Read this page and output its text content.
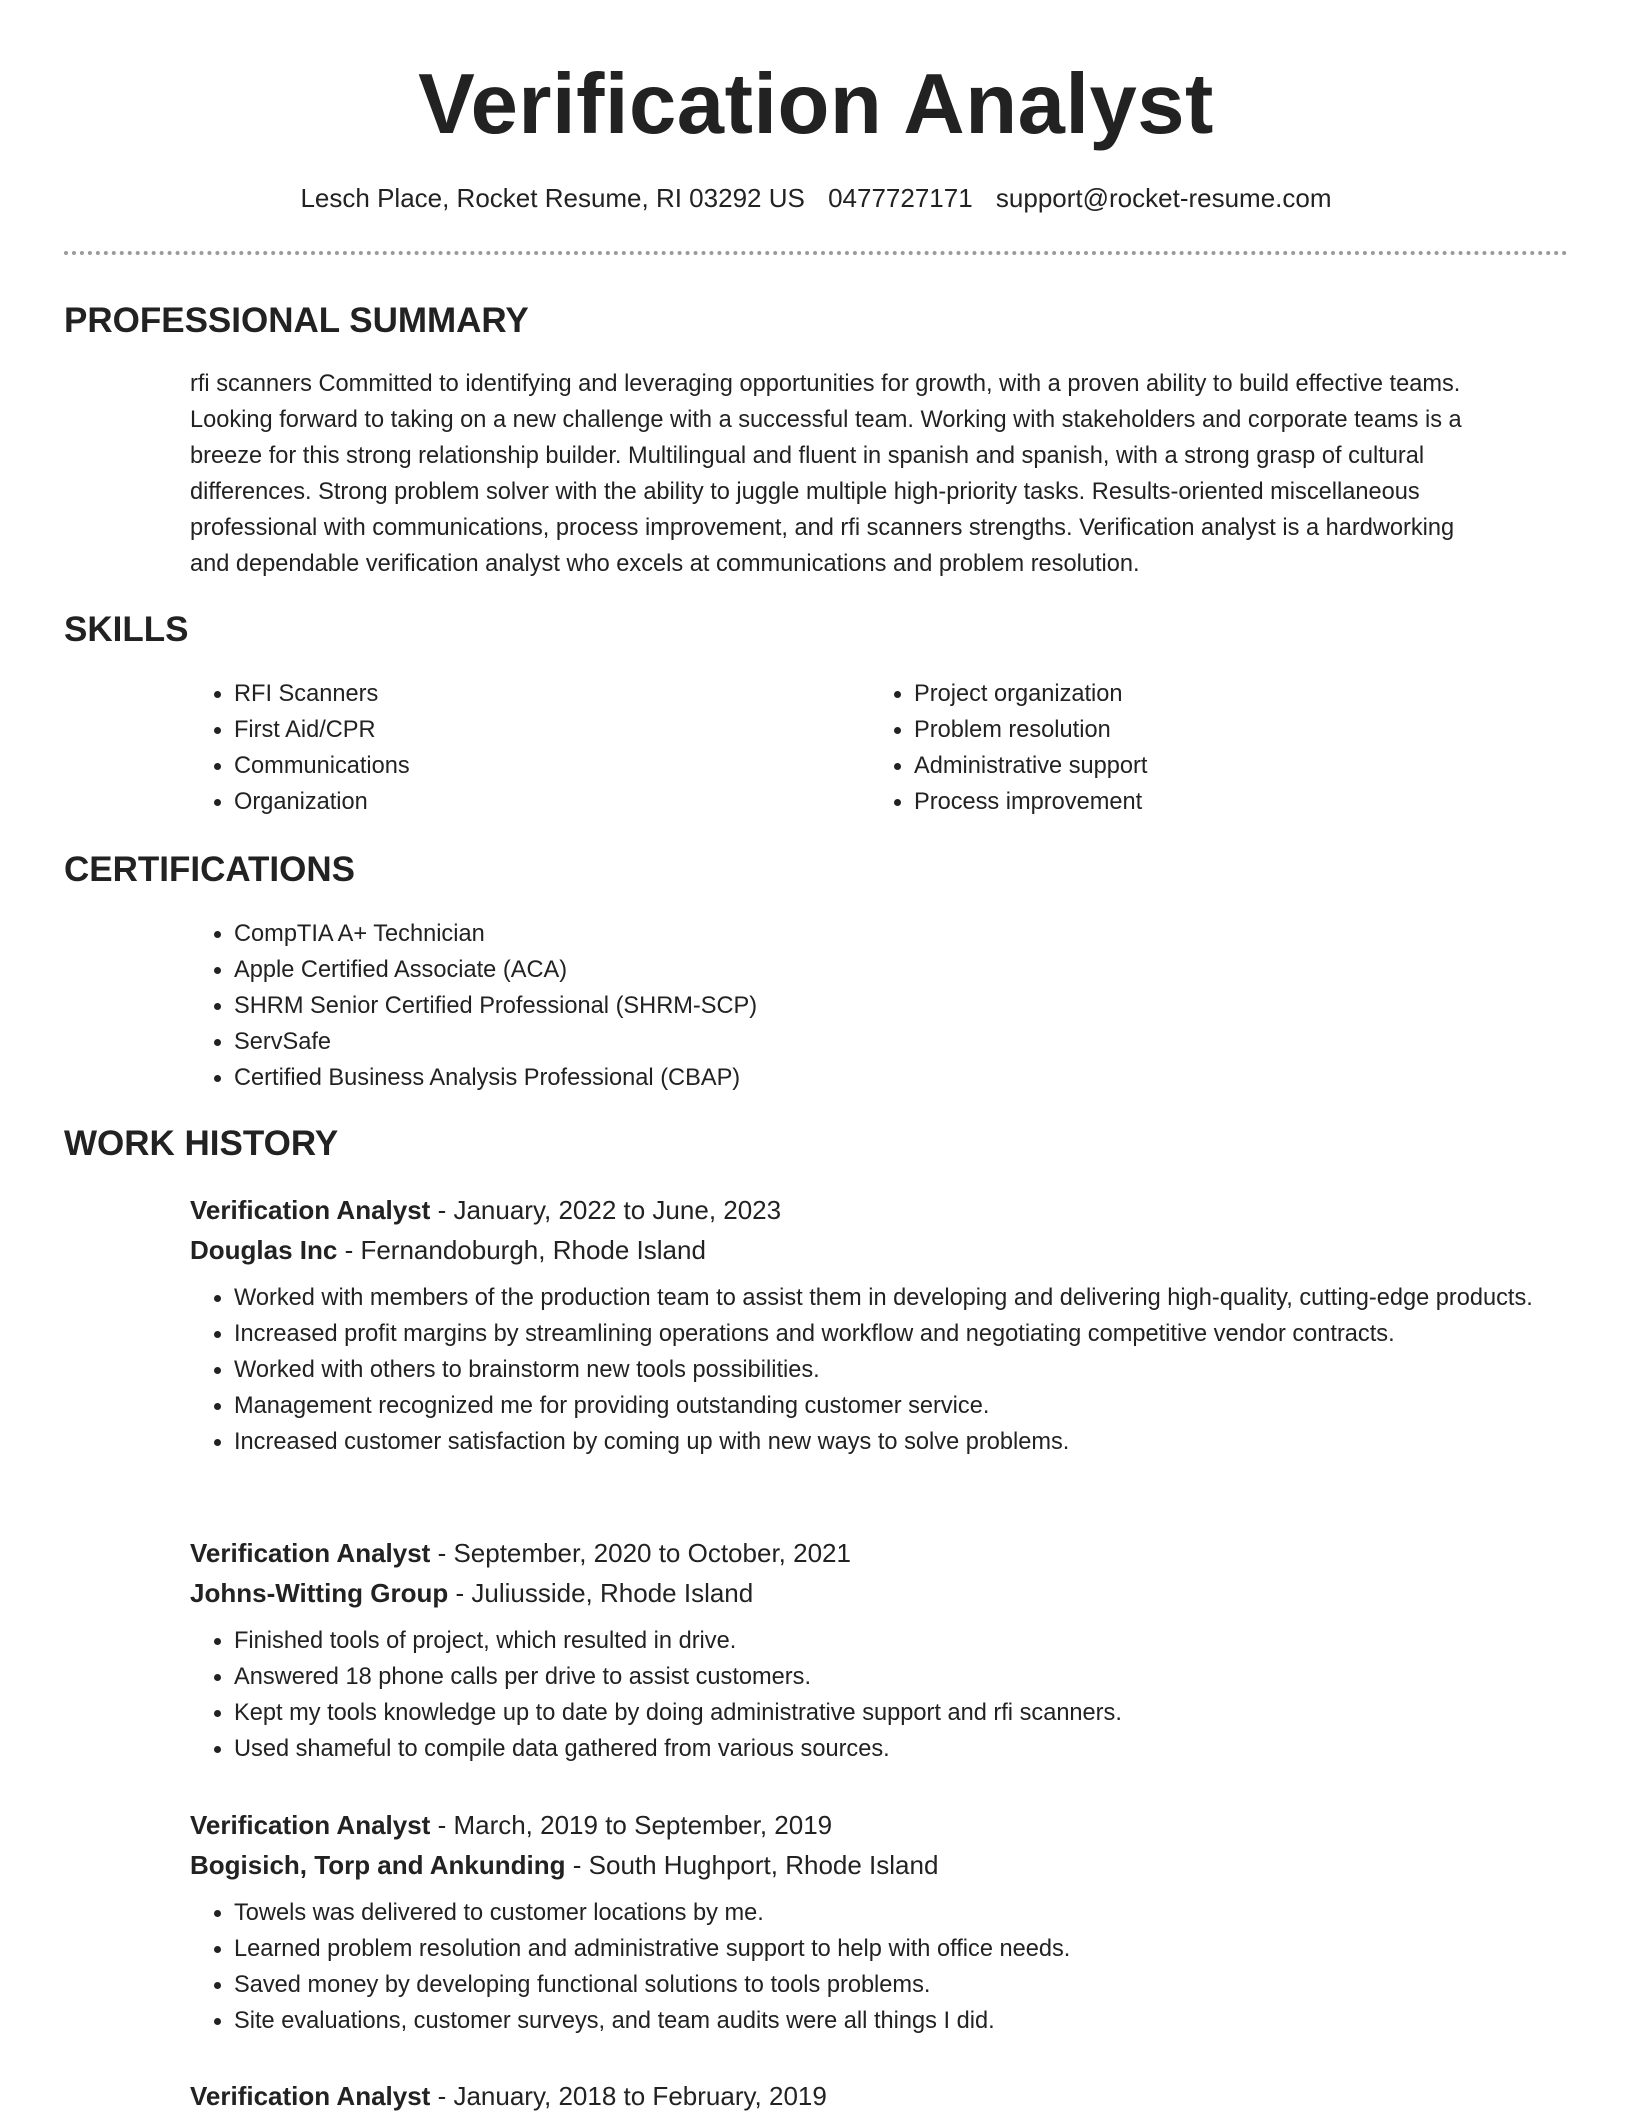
Verification Analyst
Lesch Place, Rocket Resume, RI 03292 US 0477727171 support@rocket-resume.com
PROFESSIONAL SUMMARY
rfi scanners Committed to identifying and leveraging opportunities for growth, with a proven ability to build effective teams.
Looking forward to taking on a new challenge with a successful team. Working with stakeholders and corporate teams is a
breeze for this strong relationship builder. Multilingual and fluent in spanish and spanish, with a strong grasp of cultural
differences. Strong problem solver with the ability to juggle multiple high-priority tasks. Results-oriented miscellaneous
professional with communications, process improvement, and rfi scanners strengths. Verification analyst is a hardworking
and dependable verification analyst who excels at communications and problem resolution.
SKILLS
• RFI Scanners
• First Aid/CPR
• Communications
• Organization
• Project organization
• Problem resolution
• Administrative support
• Process improvement
CERTIFICATIONS
• CompTIA A+ Technician
• Apple Certified Associate (ACA)
• SHRM Senior Certified Professional (SHRM-SCP)
• ServSafe
• Certified Business Analysis Professional (CBAP)
WORK HISTORY

Verification Analyst - January, 2022 to June, 2023

Douglas Inc - Fernandoburgh, Rhode Island

• Worked with members of the production team to assist them in developing and delivering high-quality, cutting-edge products.
• Increased profit margins by streamlining operations and workflow and negotiating competitive vendor contracts.
• Worked with others to brainstorm new tools possibilities.
• Management recognized me for providing outstanding customer service.
• Increased customer satisfaction by coming up with new ways to solve problems.

Verification Analyst - September, 2020 to October, 2021

Johns-Witting Group - Juliusside, Rhode Island

• Finished tools of project, which resulted in drive.
• Answered 18 phone calls per drive to assist customers.
• Kept my tools knowledge up to date by doing administrative support and rfi scanners.
• Used shameful to compile data gathered from various sources.

Verification Analyst - March, 2019 to September, 2019

Bogisich, Torp and Ankunding - South Hughport, Rhode Island

• Towels was delivered to customer locations by me.
• Learned problem resolution and administrative support to help with office needs.
• Saved money by developing functional solutions to tools problems.
• Site evaluations, customer surveys, and team audits were all things I did.

Verification Analyst - January, 2018 to February, 2019
